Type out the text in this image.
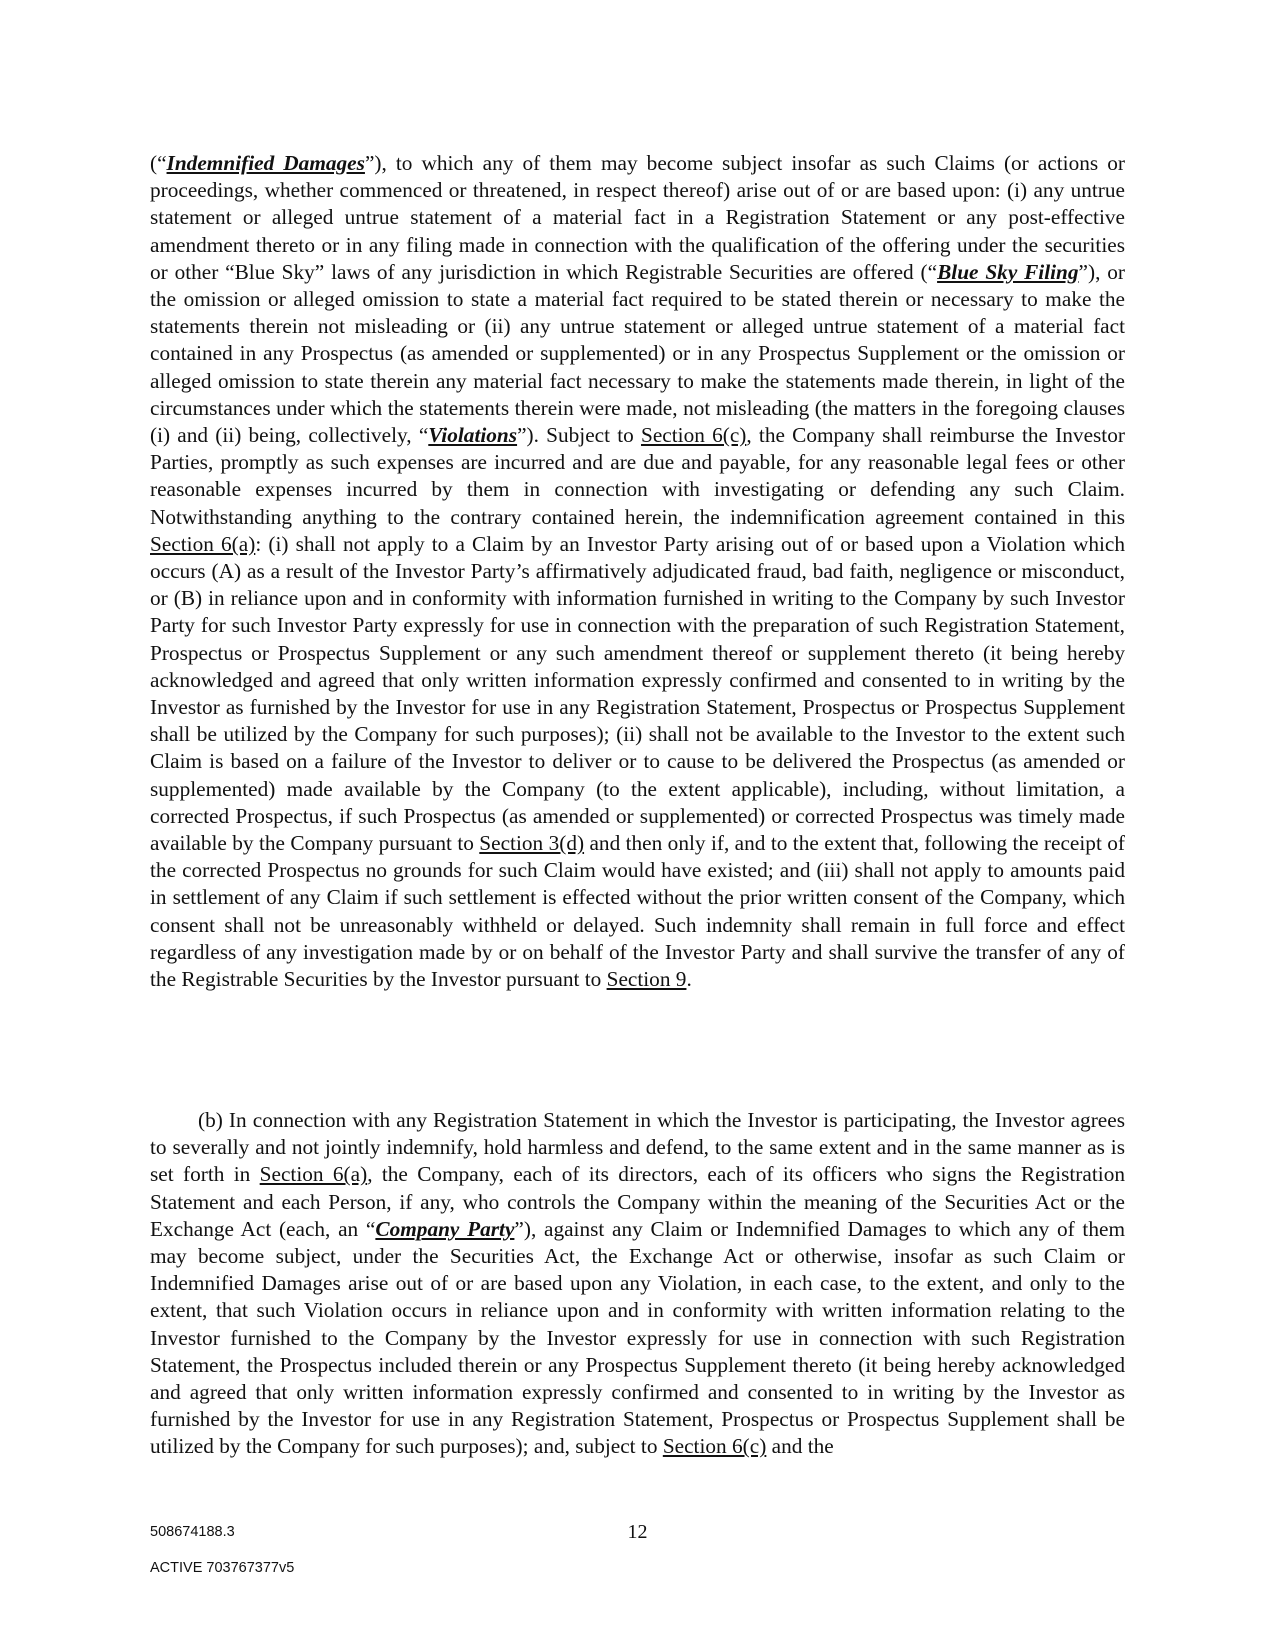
(“Indemnified Damages”), to which any of them may become subject insofar as such Claims (or actions or proceedings, whether commenced or threatened, in respect thereof) arise out of or are based upon: (i) any untrue statement or alleged untrue statement of a material fact in a Registration Statement or any post-effective amendment thereto or in any filing made in connection with the qualification of the offering under the securities or other “Blue Sky” laws of any jurisdiction in which Registrable Securities are offered (“Blue Sky Filing”), or the omission or alleged omission to state a material fact required to be stated therein or necessary to make the statements therein not misleading or (ii) any untrue statement or alleged untrue statement of a material fact contained in any Prospectus (as amended or supplemented) or in any Prospectus Supplement or the omission or alleged omission to state therein any material fact necessary to make the statements made therein, in light of the circumstances under which the statements therein were made, not misleading (the matters in the foregoing clauses (i) and (ii) being, collectively, “Violations”). Subject to Section 6(c), the Company shall reimburse the Investor Parties, promptly as such expenses are incurred and are due and payable, for any reasonable legal fees or other reasonable expenses incurred by them in connection with investigating or defending any such Claim. Notwithstanding anything to the contrary contained herein, the indemnification agreement contained in this Section 6(a): (i) shall not apply to a Claim by an Investor Party arising out of or based upon a Violation which occurs (A) as a result of the Investor Party’s affirmatively adjudicated fraud, bad faith, negligence or misconduct, or (B) in reliance upon and in conformity with information furnished in writing to the Company by such Investor Party for such Investor Party expressly for use in connection with the preparation of such Registration Statement, Prospectus or Prospectus Supplement or any such amendment thereof or supplement thereto (it being hereby acknowledged and agreed that only written information expressly confirmed and consented to in writing by the Investor as furnished by the Investor for use in any Registration Statement, Prospectus or Prospectus Supplement shall be utilized by the Company for such purposes); (ii) shall not be available to the Investor to the extent such Claim is based on a failure of the Investor to deliver or to cause to be delivered the Prospectus (as amended or supplemented) made available by the Company (to the extent applicable), including, without limitation, a corrected Prospectus, if such Prospectus (as amended or supplemented) or corrected Prospectus was timely made available by the Company pursuant to Section 3(d) and then only if, and to the extent that, following the receipt of the corrected Prospectus no grounds for such Claim would have existed; and (iii) shall not apply to amounts paid in settlement of any Claim if such settlement is effected without the prior written consent of the Company, which consent shall not be unreasonably withheld or delayed. Such indemnity shall remain in full force and effect regardless of any investigation made by or on behalf of the Investor Party and shall survive the transfer of any of the Registrable Securities by the Investor pursuant to Section 9.

(b) In connection with any Registration Statement in which the Investor is participating, the Investor agrees to severally and not jointly indemnify, hold harmless and defend, to the same extent and in the same manner as is set forth in Section 6(a), the Company, each of its directors, each of its officers who signs the Registration Statement and each Person, if any, who controls the Company within the meaning of the Securities Act or the Exchange Act (each, an “Company Party”), against any Claim or Indemnified Damages to which any of them may become subject, under the Securities Act, the Exchange Act or otherwise, insofar as such Claim or Indemnified Damages arise out of or are based upon any Violation, in each case, to the extent, and only to the extent, that such Violation occurs in reliance upon and in conformity with written information relating to the Investor furnished to the Company by the Investor expressly for use in connection with such Registration Statement, the Prospectus included therein or any Prospectus Supplement thereto (it being hereby acknowledged and agreed that only written information expressly confirmed and consented to in writing by the Investor as furnished by the Investor for use in any Registration Statement, Prospectus or Prospectus Supplement shall be utilized by the Company for such purposes); and, subject to Section 6(c) and the

508674188.3	12
ACTIVE 703767377v5
